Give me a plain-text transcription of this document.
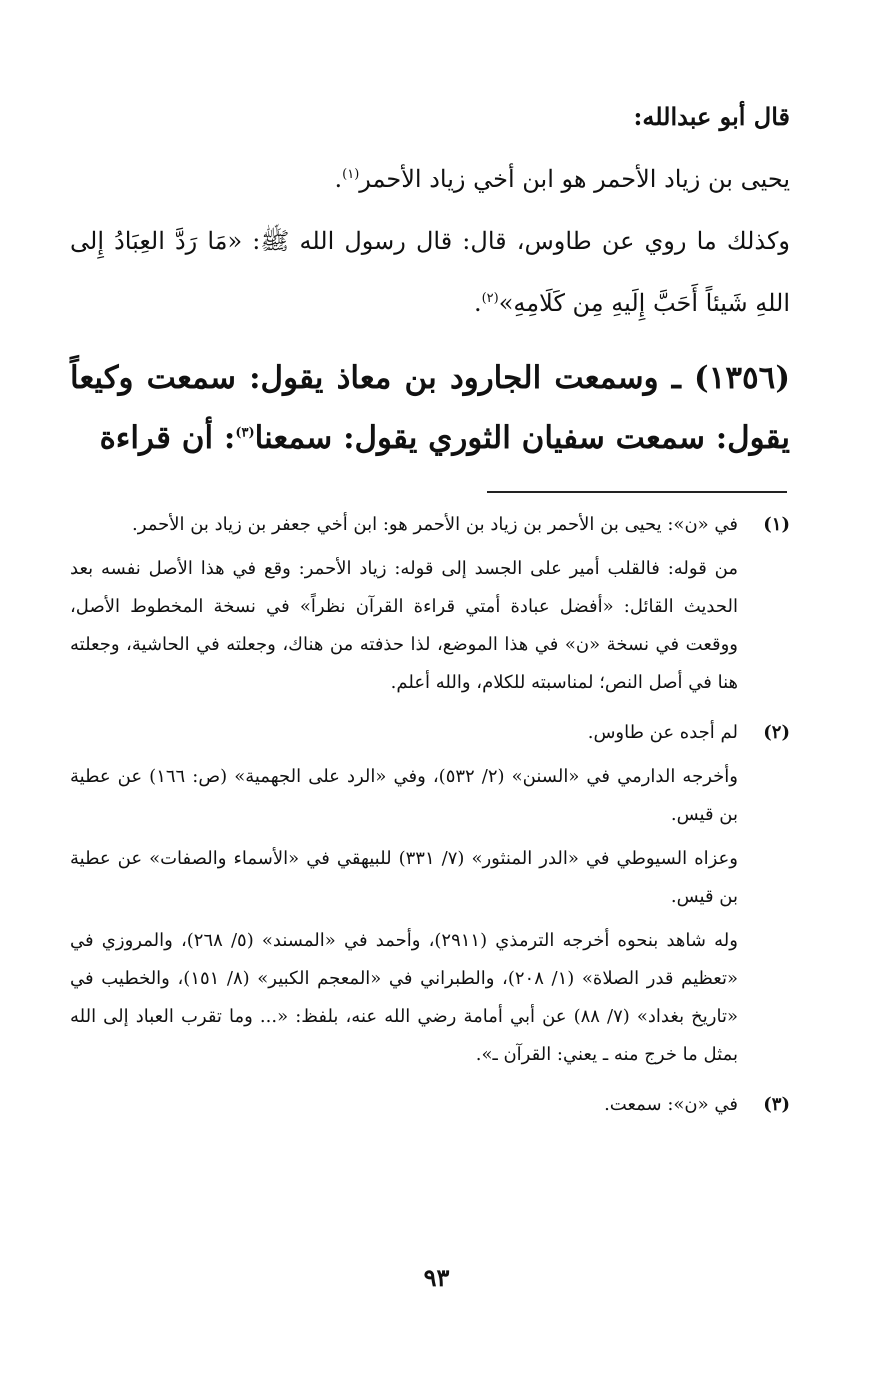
قال أبو عبدالله:

يحيى بن زياد الأحمر هو ابن أخي زياد الأحمر$^{(١)}$.

وكذلك ما روي عن طاوس، قال: قال رسول الله ﷺ: «مَا رَدَّ العِبَادُ إِلى اللهِ شَيئاً أَحَبَّ إِلَيهِ مِن كَلَامِهِ»$^{(٢)}$.

(١٣٥٦) ـ وسمعت الجارود بن معاذ يقول: سمعت وكيعاً يقول: سمعت سفيان الثوري يقول: سمعنا$^{(٣)}$: أن قراءة

(١)

في «ن»: يحيى بن الأحمر بن زياد بن الأحمر هو: ابن أخي جعفر بن زياد بن الأحمر.

من قوله: فالقلب أمير على الجسد إلى قوله: زياد الأحمر: وقع في هذا الأصل نفسه بعد الحديث القائل: «أفضل عبادة أمتي قراءة القرآن نظراً» في نسخة المخطوط الأصل، ووقعت في نسخة «ن» في هذا الموضع، لذا حذفته من هناك، وجعلته في الحاشية، وجعلته هنا في أصل النص؛ لمناسبته للكلام، والله أعلم.

(٢)

لم أجده عن طاوس.

وأخرجه الدارمي في «السنن» (٢/ ٥٣٢)، وفي «الرد على الجهمية» (ص: ١٦٦) عن عطية بن قيس.

وعزاه السيوطي في «الدر المنثور» (٧/ ٣٣١) للبيهقي في «الأسماء والصفات» عن عطية بن قيس.

وله شاهد بنحوه أخرجه الترمذي (٢٩١١)، وأحمد في «المسند» (٥/ ٢٦٨)، والمروزي في «تعظيم قدر الصلاة» (١/ ٢٠٨)، والطبراني في «المعجم الكبير» (٨/ ١٥١)، والخطيب في «تاريخ بغداد» (٧/ ٨٨) عن أبي أمامة رضي الله عنه، بلفظ: «... وما تقرب العباد إلى الله بمثل ما خرج منه ـ يعني: القرآن ـ».

(٣)

في «ن»: سمعت.

٩٣
